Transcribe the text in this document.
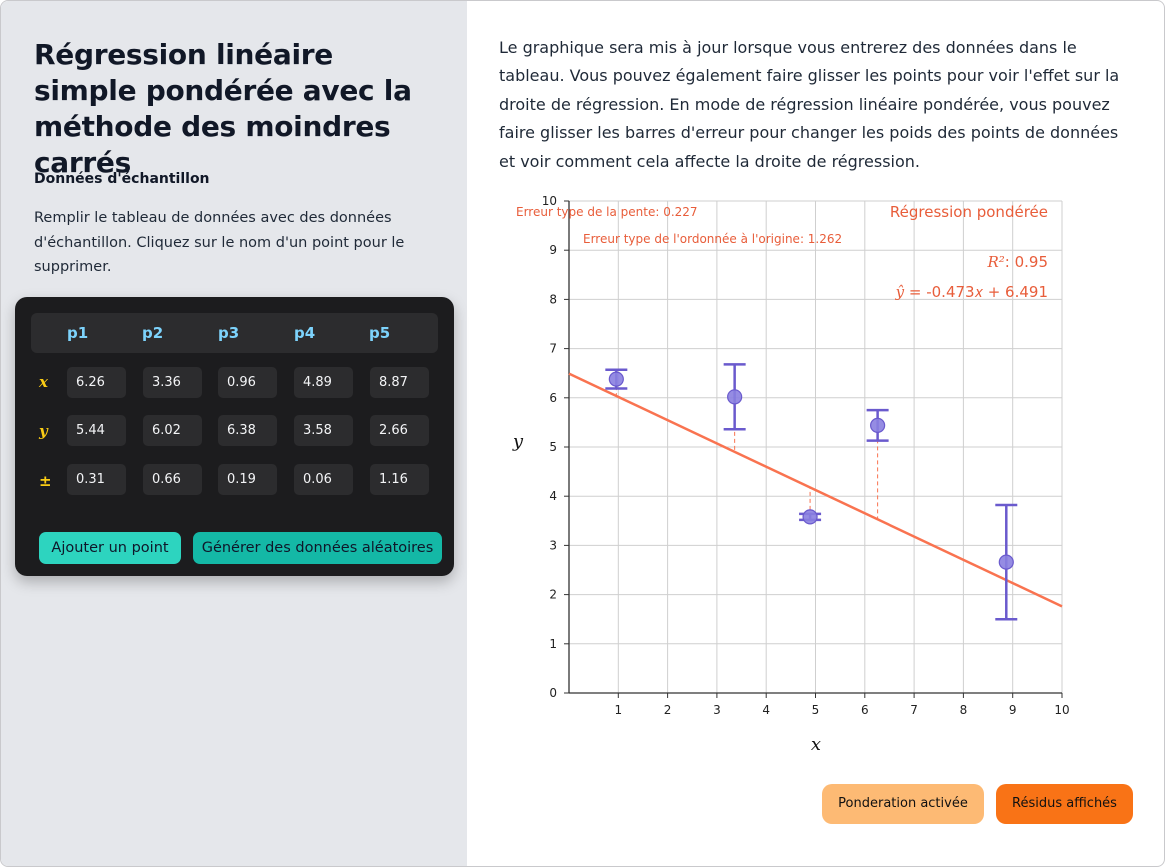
Régression linéaire simple pondérée avec la méthode des moindres carrés
Données d'échantillon
Remplir le tableau de données avec des données d'échantillon. Cliquez sur le nom d'un point pour le supprimer.
p1	p2	p3	p4	p5
x	6.26	3.36	0.96	4.89	8.87
y	5.44	6.02	6.38	3.58	2.66
±	0.31	0.66	0.19	0.06	1.16
Ajouter un point	Générer des données aléatoires
Le graphique sera mis à jour lorsque vous entrerez des données dans le tableau. Vous pouvez également faire glisser les points pour voir l'effet sur la droite de régression. En mode de régression linéaire pondérée, vous pouvez faire glisser les barres d'erreur pour changer les poids des points de données et voir comment cela affecte la droite de régression.
1	2	3	4	5	6	7	8	9	10
0
1
2
3
4
5
6
7
8
9
10
Erreur type de la pente: 0.227
Erreur type de l'ordonnée à l'origine: 1.262
Régression pondérée
R²: 0.95
ŷ = -0.473𝑥 + 6.491
y
x
Ponderation activée	Résidus affichés
